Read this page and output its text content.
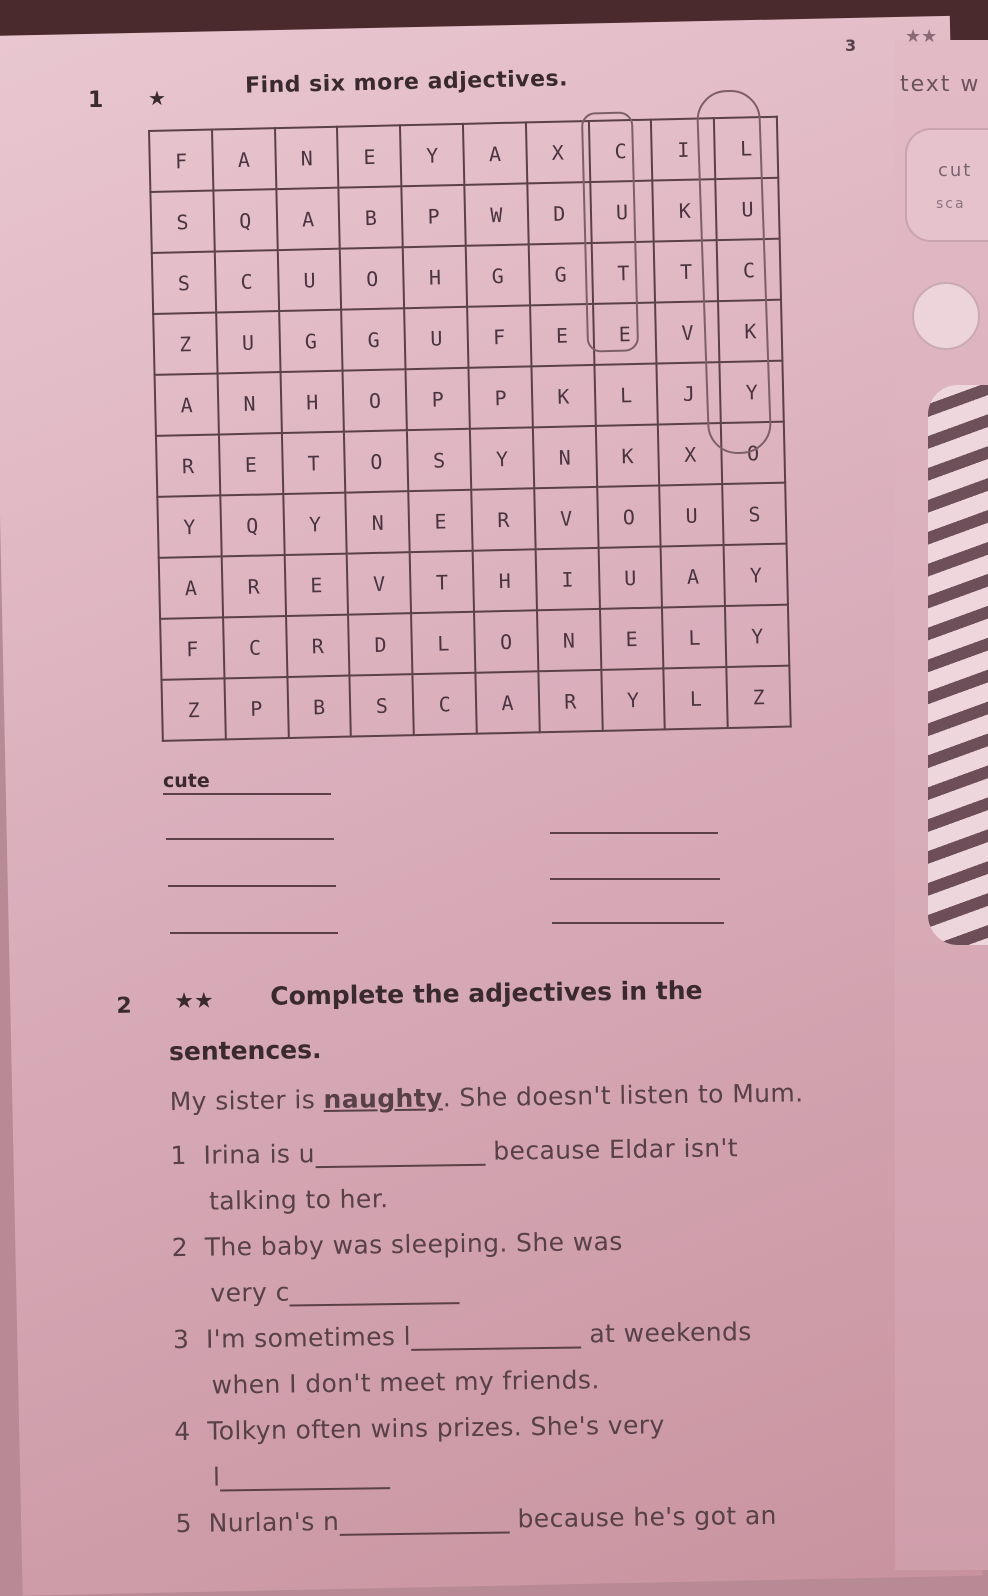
3	★★
text w
cut
sca
1 ★	Find six more adjectives.
F	A	N	E	Y	A	X	C	I	L
S	Q	A	B	P	W	D	U	K	U
S	C	U	O	H	G	G	T	T	C
Z	U	G	G	U	F	E	E	V	K
A	N	H	O	P	P	K	L	J	Y
R	E	T	O	S	Y	N	K	X	O
Y	Q	Y	N	E	R	V	O	U	S
A	R	E	V	T	H	I	U	A	Y
F	C	R	D	L	O	N	E	L	Y
Z	P	B	S	C	A	R	Y	L	Z
cute
2 ★★ Complete the adjectives in the
sentences.
My sister is naughty. She doesn't listen to Mum.
1 Irina is u	because Eldar isn't
talking to her.
2 The baby was sleeping. She was
very c
3 I'm sometimes l	at weekends
when I don't meet my friends.
4 Tolkyn often wins prizes. She's very
l
5 Nurlan's n	because he's got an
